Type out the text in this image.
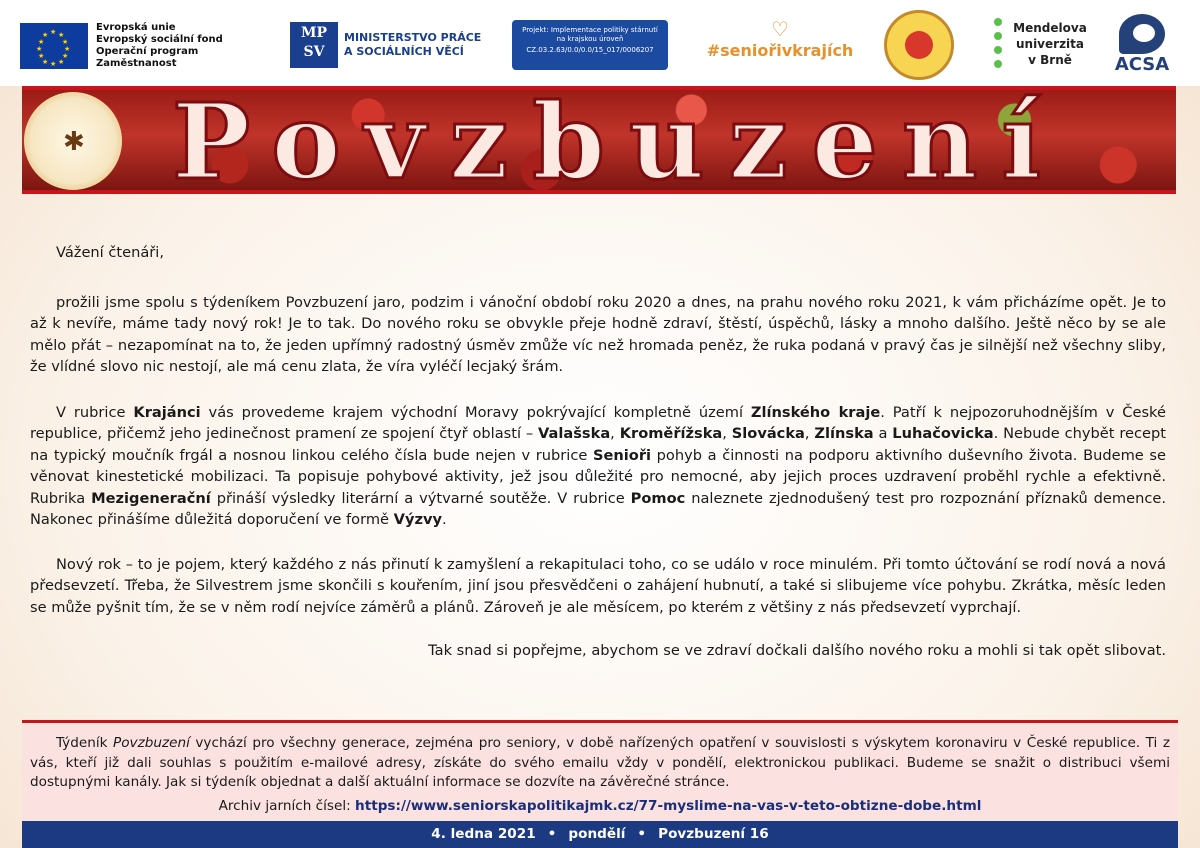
★ ★
★
★
★
★
★
★
★
★
★
★
Evropská unie
Evropský sociální fond
Operační program Zaměstnanost
MP
SV
MINISTERSTVO PRÁCE
A SOCIÁLNÍCH VĚCÍ
Projekt: Implementace politiky stárnutí
na krajskou úroveň
CZ.03.2.63/0.0/0.0/15_017/0006207
♡
#seniořivkrajích
Mendelova
univerzita
v Brně	ACSA
✱ Povzbuzení
Vážení čtenáři,
prožili jsme spolu s týdeníkem Povzbuzení jaro, podzim i vánoční období roku 2020 a dnes, na prahu nového roku 2021, k vám přicházíme opět. Je to až k nevíře, máme tady nový rok! Je to tak. Do nového roku se obvykle přeje hodně zdraví, štěstí, úspěchů, lásky a mnoho dalšího. Ještě něco by se ale mělo přát – nezapomínat na to, že jeden upřímný radostný úsměv zmůže víc než hromada peněz, že ruka podaná v pravý čas je silnější než všechny sliby, že vlídné slovo nic nestojí, ale má cenu zlata, že víra vyléčí lecjaký šrám.
V rubrice Krajánci vás provedeme krajem východní Moravy pokrývající kompletně území Zlínského kraje. Patří k nejpozoruhodnějším v České republice, přičemž jeho jedinečnost pramení ze spojení čtyř oblastí – Valašska, Kroměřížska, Slovácka, Zlínska a Luhačovicka. Nebude chybět recept na typický moučník frgál a nosnou linkou celého čísla bude nejen v rubrice Senioři pohyb a činnosti na podporu aktivního duševního života. Budeme se věnovat kinestetické mobilizaci. Ta popisuje pohybové aktivity, jež jsou důležité pro nemocné, aby jejich proces uzdravení proběhl rychle a efektivně. Rubrika Mezigenerační přináší výsledky literární a výtvarné soutěže. V rubrice Pomoc naleznete zjednodušený test pro rozpoznání příznaků demence. Nakonec přinášíme důležitá doporučení ve formě Výzvy.
Nový rok – to je pojem, který každého z nás přinutí k zamyšlení a rekapitulaci toho, co se událo v roce minulém. Při tomto účtování se rodí nová a nová předsevzetí. Třeba, že Silvestrem jsme skončili s kouřením, jiní jsou přesvědčeni o zahájení hubnutí, a také si slibujeme více pohybu. Zkrátka, měsíc leden se může pyšnit tím, že se v něm rodí nejvíce záměrů a plánů. Zároveň je ale měsícem, po kterém z většiny z nás předsevzetí vyprchají.
Tak snad si popřejme, abychom se ve zdraví dočkali dalšího nového roku a mohli si tak opět slibovat.
Týdeník Povzbuzení vychází pro všechny generace, zejména pro seniory, v době nařízených opatření v souvislosti s výskytem koronaviru v České republice. Ti z vás, kteří již dali souhlas s použitím e-mailové adresy, získáte do svého emailu vždy v pondělí, elektronickou publikaci. Budeme se snažit o distribuci všemi dostupnými kanály. Jak si týdeník objednat a další aktuální informace se dozvíte na závěrečné stránce.
Archiv jarních čísel: https://www.seniorskapolitikajmk.cz/77-myslime-na-vas-v-teto-obtizne-dobe.html
4. ledna 2021 • pondělí • Povzbuzení 16
